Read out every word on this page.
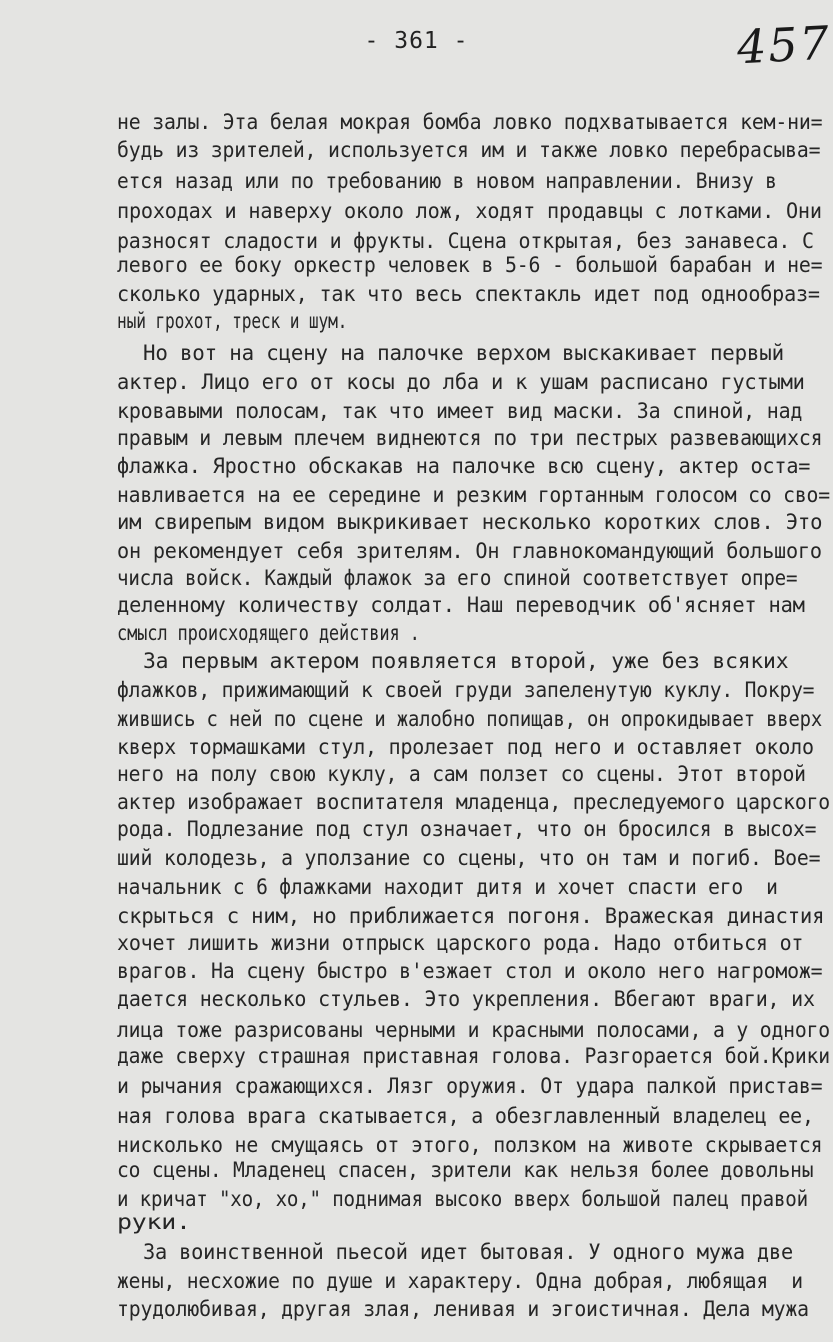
- 361 -	457
не залы. Эта белая мокрая бомба ловко подхватывается кем-ни=
будь из зрителей, используется им и также ловко перебрасыва=
ется назад или по требованию в новом направлении. Внизу в
проходах и наверху около лож, ходят продавцы с лотками. Они
разносят сладости и фрукты. Сцена открытая, без занавеса. С
левого ее боку оркестр человек в 5-6 - большой барабан и не=
сколько ударных, так что весь спектакль идет под однообраз=
ный грохот, треск и шум.
Но вот на сцену на палочке верхом выскакивает первый
актер. Лицо его от косы до лба и к ушам расписано густыми
кровавыми полосам, так что имеет вид маски. За спиной, над
правым и левым плечем виднеются по три пестрых развевающихся
флажка. Яростно обскакав на палочке всю сцену, актер оста=
навливается на ее середине и резким гортанным голосом со сво=
им свирепым видом выкрикивает несколько коротких слов. Это
он рекомендует себя зрителям. Он главнокомандующий большого
числа войск. Каждый флажок за его спиной соответствует опре=
деленному количеству солдат. Наш переводчик об'ясняет нам
смысл происходящего действия .
За первым актером появляется второй, уже без всяких
флажков, прижимающий к своей груди запеленутую куклу. Покру=
жившись с ней по сцене и жалобно попищав, он опрокидывает вверх
кверх тормашками стул, пролезает под него и оставляет около
него на полу свою куклу, а сам ползет со сцены. Этот второй
актер изображает воспитателя младенца, преследуемого царского
рода. Подлезание под стул означает, что он бросился в высох=
ший колодезь, а уползание со сцены, что он там и погиб. Вое=
начальник с 6 флажками находит дитя и хочет спасти его  и
скрыться с ним, но приближается погоня. Вражеская династия
хочет лишить жизни отпрыск царского рода. Надо отбиться от
врагов. На сцену быстро в'езжает стол и около него нагромож=
дается несколько стульев. Это укрепления. Вбегают враги, их
лица тоже разрисованы черными и красными полосами, а у одного
даже сверху страшная приставная голова. Разгорается бой.Крики
и рычания сражающихся. Лязг оружия. От удара палкой пристав=
ная голова врага скатывается, а обезглавленный владелец ее,
нисколько не смущаясь от этого, ползком на животе скрывается
со сцены. Младенец спасен, зрители как нельзя более довольны
и кричат "хо, хо," поднимая высоко вверх большой палец правой
руки.
За воинственной пьесой идет бытовая. У одного мужа две
жены, несхожие по душе и характеру. Одна добрая, любящая  и
трудолюбивая, другая злая, ленивая и эгоистичная. Дела мужа
